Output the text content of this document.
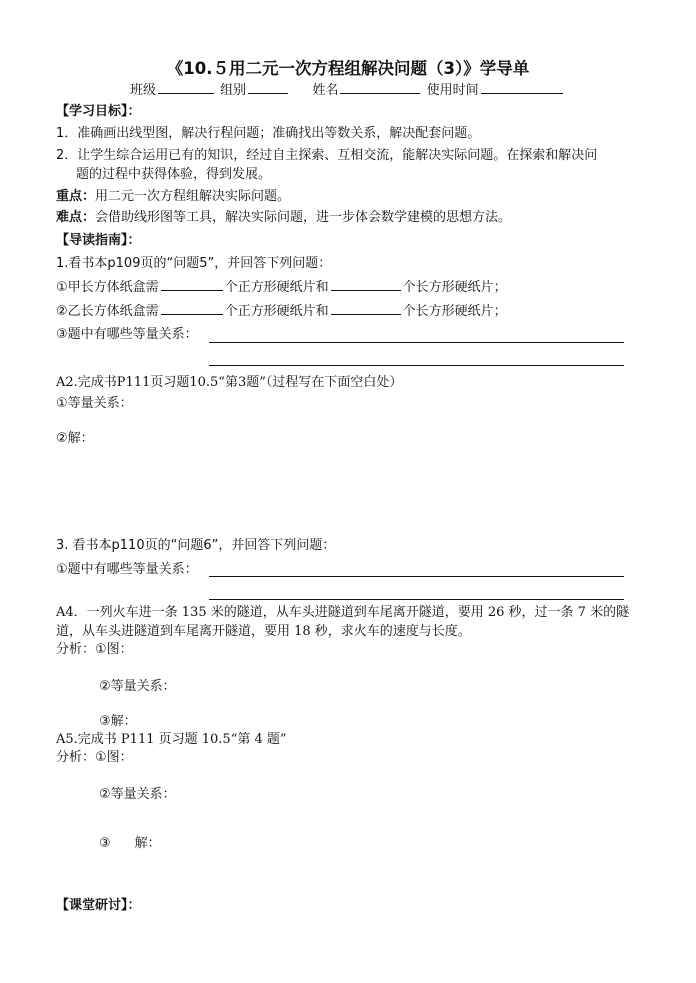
《10.５用二元一次方程组解决问题（3）》学导单
班级	组别	姓名	使用时间
【学习目标】：
1．准确画出线型图，解决行程问题；准确找出等数关系，解决配套问题。
2．让学生综合运用已有的知识，经过自主探索、互相交流，能解决实际问题。在探索和解决问
题的过程中获得体验，得到发展。
重点：用二元一次方程组解决实际问题。
难点：会借助线形图等工具，解决实际问题，进一步体会数学建模的思想方法。
【导读指南】：
1.看书本p109页的“问题5”，并回答下列问题：
①甲长方体纸盒需	个正方形硬纸片和	个长方形硬纸片；
②乙长方体纸盒需	个正方形硬纸片和	个长方形硬纸片；
③题中有哪些等量关系：
A2.完成书P111页习题10.5“第3题”（过程写在下面空白处）
①等量关系：
②解：
3. 看书本p110页的“问题6”，并回答下列问题：
①题中有哪些等量关系：
A4．一列火车进一条 135 米的隧道，从车头进隧道到车尾离开隧道，要用 26 秒，过一条 7 米的隧
道，从车头进隧道到车尾离开隧道，要用 18 秒，求火车的速度与长度。
分析：①图：
②等量关系：
③解：
A5.完成书 P111 页习题 10.5“第 4 题”
分析：①图：
②等量关系：
③ 解：
【课堂研讨】：
